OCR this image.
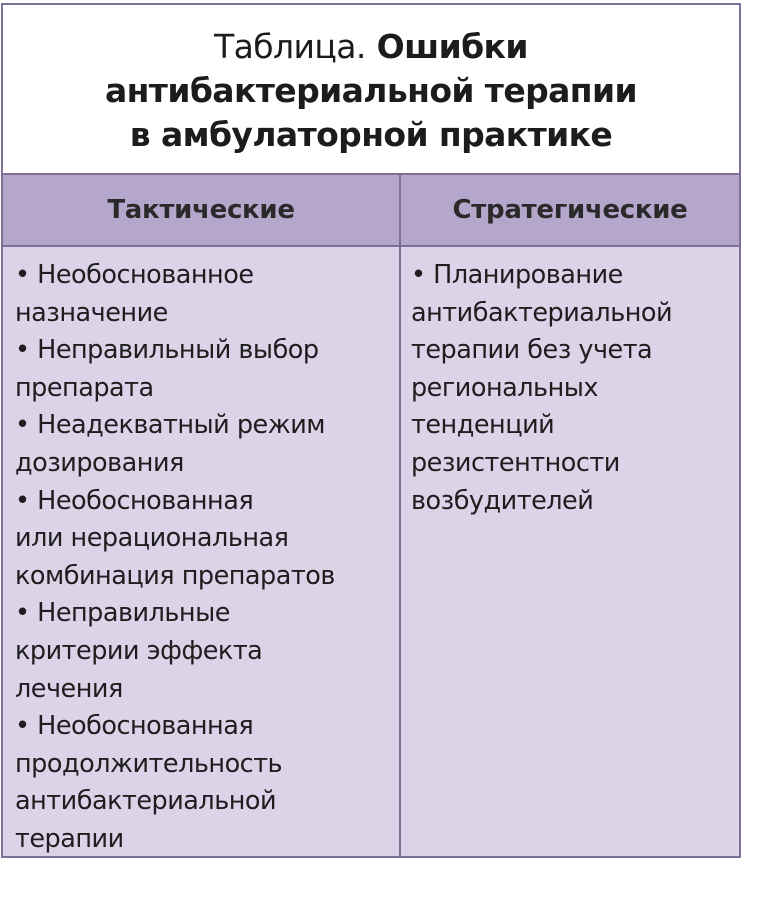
Таблица. Ошибки
антибактериальной терапии
в амбулаторной практике
Тактические	Стратегические
• Необоснованное
назначение
• Неправильный выбор
препарата
• Неадекватный режим
дозирования
• Необоснованная
или нерациональная
комбинация препаратов
• Неправильные
критерии эффекта
лечения
• Необоснованная
продолжительность
антибактериальной
терапии
• Планирование
антибактериальной
терапии без учета
региональных
тенденций
резистентности
возбудителей
